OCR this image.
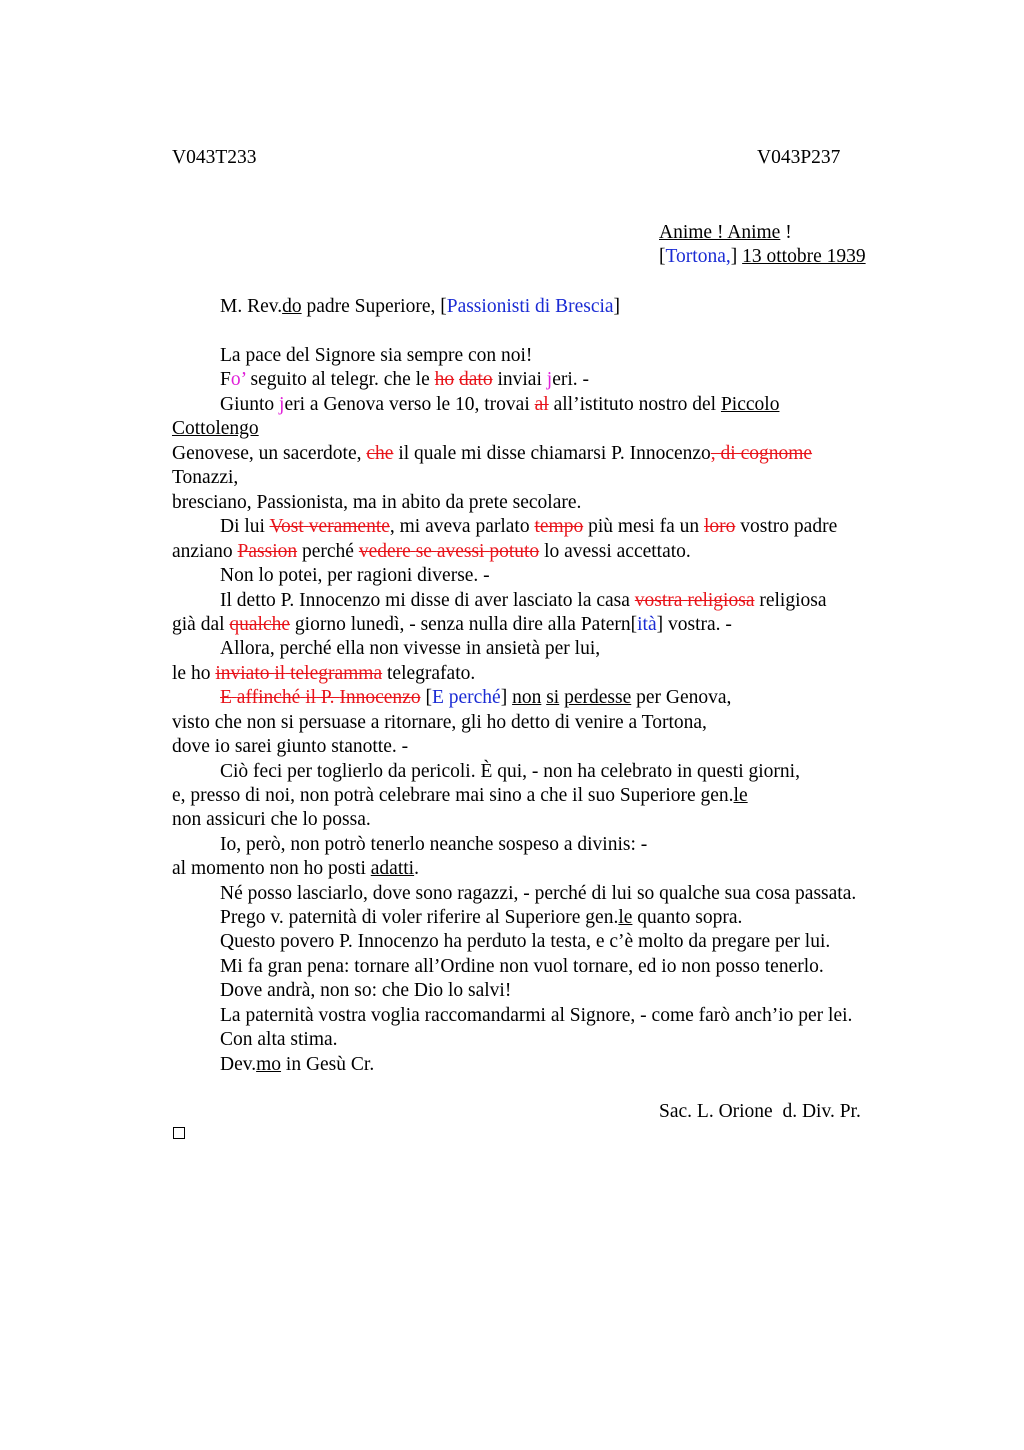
V043T233	V043P237
Anime ! Anime !
[Tortona,] 13 ottobre 1939
M. Rev.do padre Superiore, [Passionisti di Brescia]
La pace del Signore sia sempre con noi!
Fo’ seguito al telegr. che le ho dato inviai jeri. -
Giunto jeri a Genova verso le 10, trovai al all’istituto nostro del Piccolo
Cottolengo
Genovese, un sacerdote, che il quale mi disse chiamarsi P. Innocenzo, di cognome
Tonazzi,
bresciano, Passionista, ma in abito da prete secolare.
Di lui Vost veramente, mi aveva parlato tempo più mesi fa un loro vostro padre
anziano Passion perché vedere se avessi potuto lo avessi accettato.
Non lo potei, per ragioni diverse. -
Il detto P. Innocenzo mi disse di aver lasciato la casa vostra religiosa religiosa
già dal qualche giorno lunedì, - senza nulla dire alla Patern[ità] vostra. -
Allora, perché ella non vivesse in ansietà per lui,
le ho inviato il telegramma telegrafato.
E affinché il P. Innocenzo [E perché] non si perdesse per Genova,
visto che non si persuase a ritornare, gli ho detto di venire a Tortona,
dove io sarei giunto stanotte. -
Ciò feci per toglierlo da pericoli. È qui, - non ha celebrato in questi giorni,
e, presso di noi, non potrà celebrare mai sino a che il suo Superiore gen.le
non assicuri che lo possa.
Io, però, non potrò tenerlo neanche sospeso a divinis: -
al momento non ho posti adatti.
Né posso lasciarlo, dove sono ragazzi, - perché di lui so qualche sua cosa passata.
Prego v. paternità di voler riferire al Superiore gen.le quanto sopra.
Questo povero P. Innocenzo ha perduto la testa, e c’è molto da pregare per lui.
Mi fa gran pena: tornare all’Ordine non vuol tornare, ed io non posso tenerlo.
Dove andrà, non so: che Dio lo salvi!
La paternità vostra voglia raccomandarmi al Signore, - come farò anch’io per lei.
Con alta stima.
Dev.mo in Gesù Cr.
Sac. L. Orione  d. Div. Pr.
